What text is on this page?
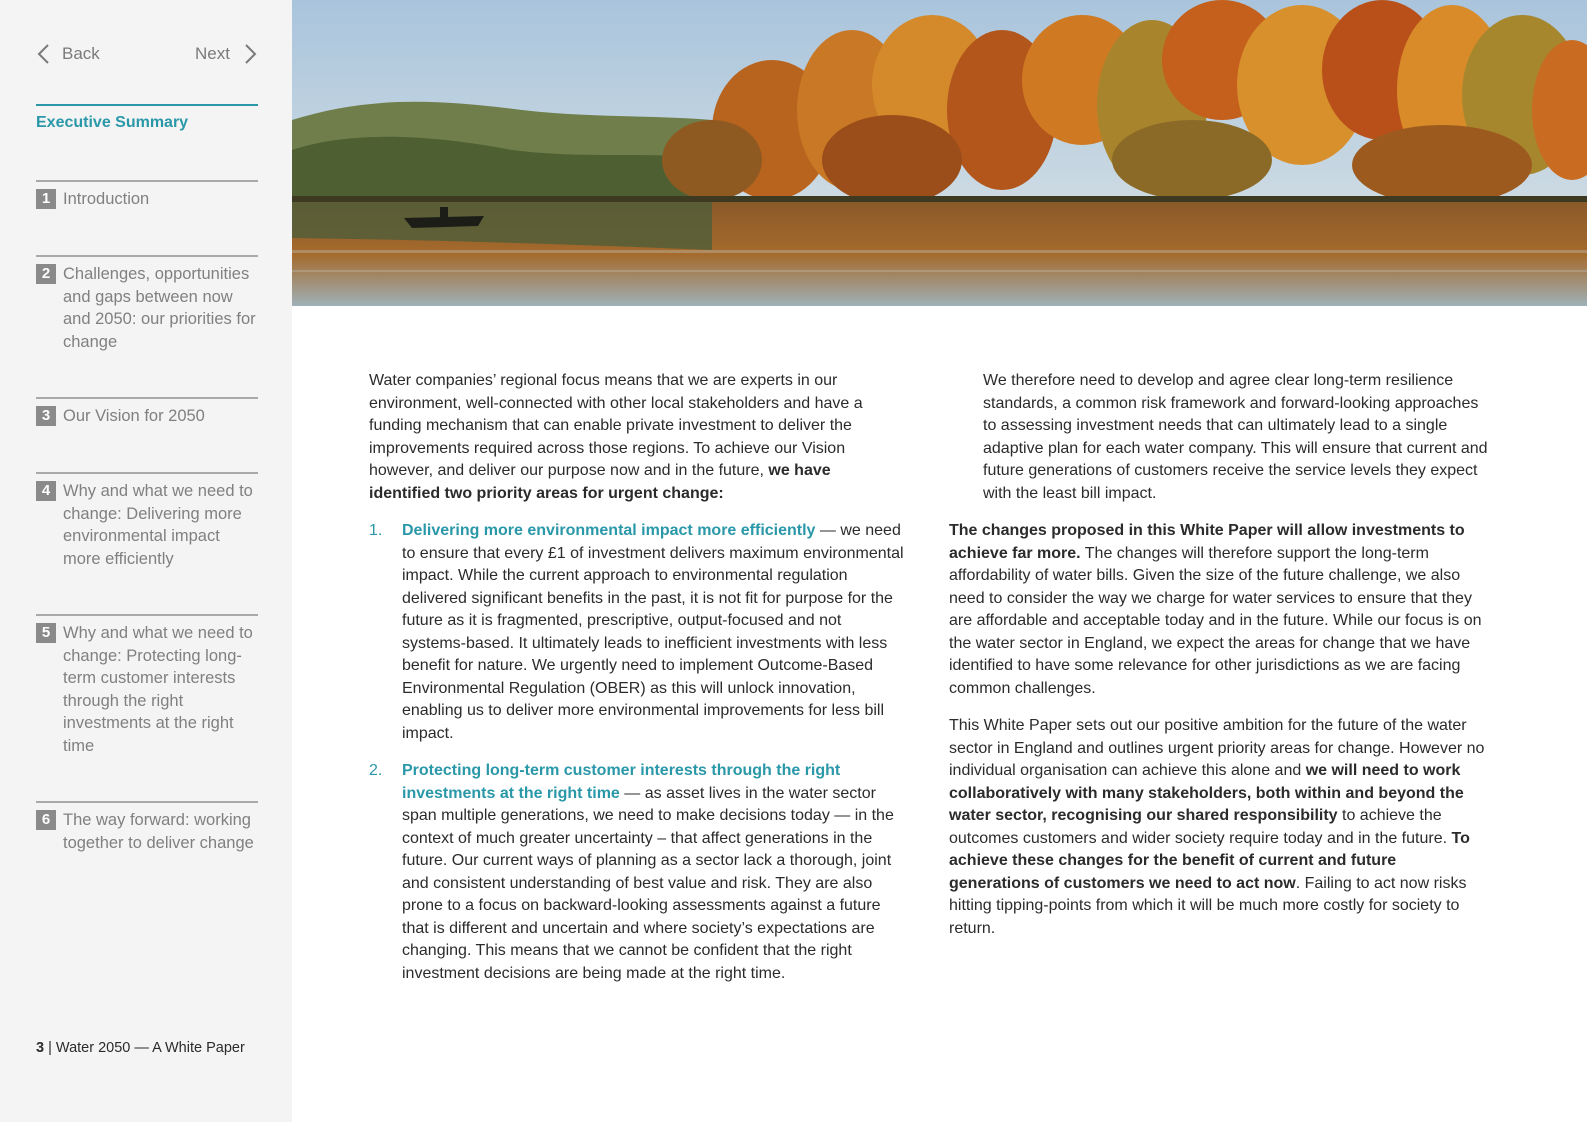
Back	Next
Executive Summary
1 Introduction
2 Challenges, opportunities and gaps between now and 2050: our priorities for change
3 Our Vision for 2050
4 Why and what we need to change: Delivering more environmental impact more efficiently
5 Why and what we need to change: Protecting long-term customer interests through the right investments at the right time
6 The way forward: working together to deliver change
3 | Water 2050 — A White Paper

Water companies’ regional focus means that we are experts in our environment, well-connected with other local stakeholders and have a funding mechanism that can enable private investment to deliver the improvements required across those regions. To achieve our Vision however, and deliver our purpose now and in the future, we have identified two priority areas for urgent change:

1. Delivering more environmental impact more efficiently — we need to ensure that every £1 of investment delivers maximum environmental impact. While the current approach to environmental regulation delivered significant benefits in the past, it is not fit for purpose for the future as it is fragmented, prescriptive, output-focused and not systems-based. It ultimately leads to inefficient investments with less benefit for nature. We urgently need to implement Outcome-Based Environmental Regulation (OBER) as this will unlock innovation, enabling us to deliver more environmental improvements for less bill impact.
2. Protecting long-term customer interests through the right investments at the right time — as asset lives in the water sector span multiple generations, we need to make decisions today — in the context of much greater uncertainty – that affect generations in the future. Our current ways of planning as a sector lack a thorough, joint and consistent understanding of best value and risk. They are also prone to a focus on backward-looking assessments against a future that is different and uncertain and where society’s expectations are changing. This means that we cannot be confident that the right investment decisions are being made at the right time.

We therefore need to develop and agree clear long-term resilience standards, a common risk framework and forward-looking approaches to assessing investment needs that can ultimately lead to a single adaptive plan for each water company. This will ensure that current and future generations of customers receive the service levels they expect with the least bill impact.

The changes proposed in this White Paper will allow investments to achieve far more. The changes will therefore support the long-term affordability of water bills. Given the size of the future challenge, we also need to consider the way we charge for water services to ensure that they are affordable and acceptable today and in the future. While our focus is on the water sector in England, we expect the areas for change that we have identified to have some relevance for other jurisdictions as we are facing common challenges.

This White Paper sets out our positive ambition for the future of the water sector in England and outlines urgent priority areas for change. However no individual organisation can achieve this alone and we will need to work collaboratively with many stakeholders, both within and beyond the water sector, recognising our shared responsibility to achieve the outcomes customers and wider society require today and in the future. To achieve these changes for the benefit of current and future generations of customers we need to act now. Failing to act now risks hitting tipping-points from which it will be much more costly for society to return.
